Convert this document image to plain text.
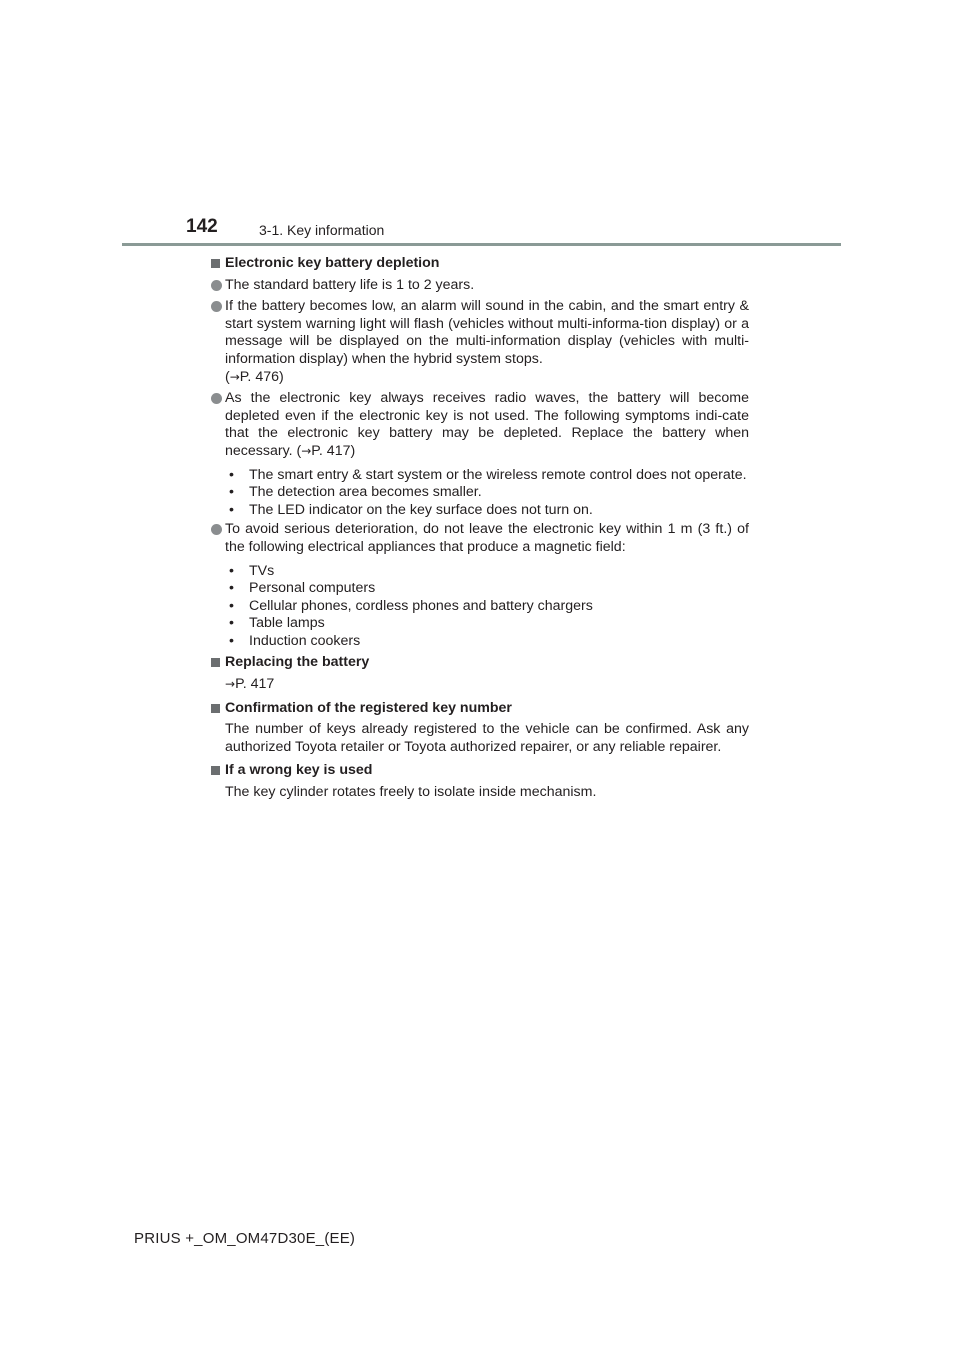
142	3-1. Key information
Electronic key battery depletion
The standard battery life is 1 to 2 years.
If the battery becomes low, an alarm will sound in the cabin, and the smart entry & start system warning light will flash (vehicles without multi-informa-tion display) or a message will be displayed on the multi-information display (vehicles with multi-information display) when the hybrid system stops.
(→P. 476)
As the electronic key always receives radio waves, the battery will become depleted even if the electronic key is not used. The following symptoms indi-cate that the electronic key battery may be depleted. Replace the battery when necessary. (→P. 417)
• The smart entry & start system or the wireless remote control does not operate.
• The detection area becomes smaller.
• The LED indicator on the key surface does not turn on.
To avoid serious deterioration, do not leave the electronic key within 1 m (3 ft.) of the following electrical appliances that produce a magnetic field:
• TVs
• Personal computers
• Cellular phones, cordless phones and battery chargers
• Table lamps
• Induction cookers
Replacing the battery
→P. 417
Confirmation of the registered key number
The number of keys already registered to the vehicle can be confirmed. Ask any authorized Toyota retailer or Toyota authorized repairer, or any reliable repairer.
If a wrong key is used
The key cylinder rotates freely to isolate inside mechanism.
PRIUS +_OM_OM47D30E_(EE)
